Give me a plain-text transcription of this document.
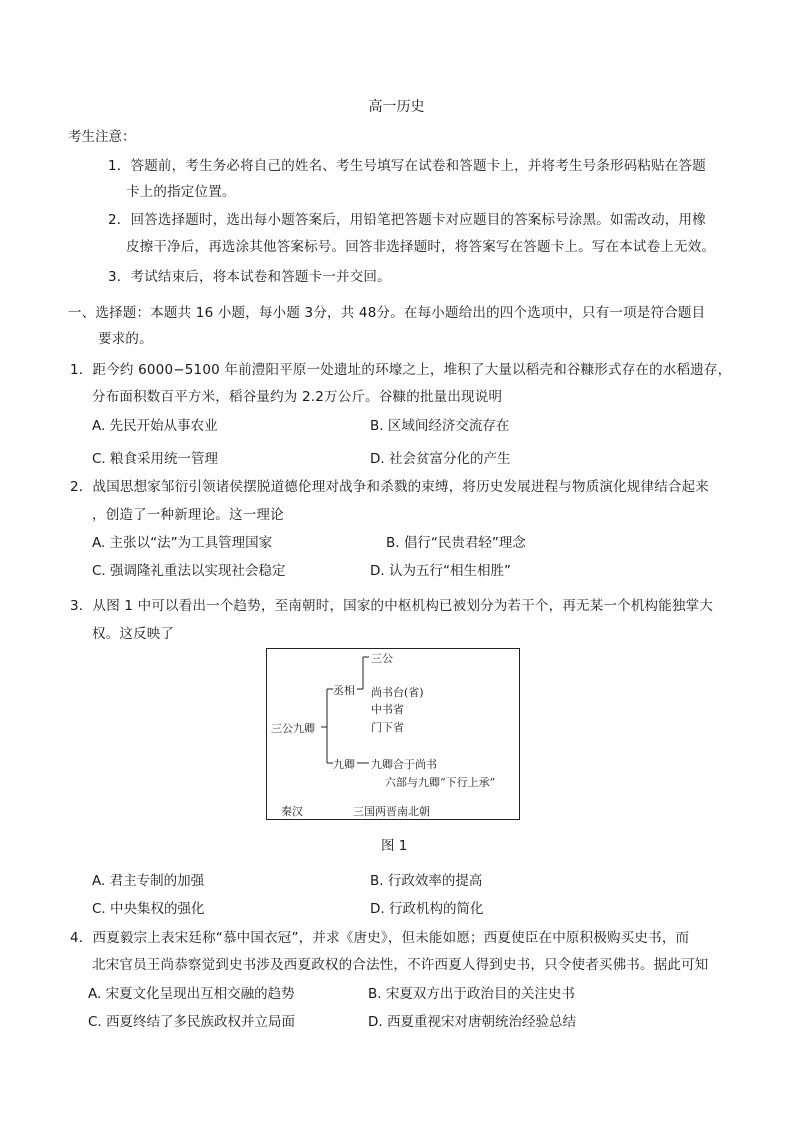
高一历史
考生注意：
1．答题前，考生务必将自己的姓名、考生号填写在试卷和答题卡上，并将考生号条形码粘贴在答题
卡上的指定位置。
2．回答选择题时，选出每小题答案后，用铅笔把答题卡对应题目的答案标号涂黑。如需改动，用橡
皮擦干净后，再选涂其他答案标号。回答非选择题时，将答案写在答题卡上。写在本试卷上无效。
3．考试结束后，将本试卷和答题卡一并交回。
一、选择题：本题共 16 小题，每小题 3分，共 48分。在每小题给出的四个选项中，只有一项是符合题目
要求的。
1．距今约 6000−5100 年前澧阳平原一处遗址的环壕之上，堆积了大量以稻壳和谷糠形式存在的水稻遗存，
分布面积数百平方米，稻谷量约为 2.2万公斤。谷糠的批量出现说明
A. 先民开始从事农业	B. 区域间经济交流存在
C. 粮食采用统一管理	D. 社会贫富分化的产生
2．战国思想家邹衍引领诸侯摆脱道德伦理对战争和杀戮的束缚，将历史发展进程与物质演化规律结合起来
，创造了一种新理论。这一理论
A. 主张以“法”为工具管理国家	B. 倡行“民贵君轻”理念
C. 强调隆礼重法以实现社会稳定	D. 认为五行“相生相胜”
3．从图 1 中可以看出一个趋势，至南朝时，国家的中枢机构已被划分为若干个，再无某一个机构能独掌大
权。这反映了
三公九卿
丞相
九卿
三公
尚书台(省)
中书省
门下省
九卿合于尚书
六部与九卿“下行上承”
秦汉	三国两晋南北朝
图 1
A. 君主专制的加强	B. 行政效率的提高
C. 中央集权的强化	D. 行政机构的简化
4．西夏毅宗上表宋廷称“慕中国衣冠”，并求《唐史》，但未能如愿；西夏使臣在中原积极购买史书，而
北宋官员王尚恭察觉到史书涉及西夏政权的合法性，不许西夏人得到史书，只令使者买佛书。据此可知
A. 宋夏文化呈现出互相交融的趋势	B. 宋夏双方出于政治目的关注史书
C. 西夏终结了多民族政权并立局面	D. 西夏重视宋对唐朝统治经验总结
